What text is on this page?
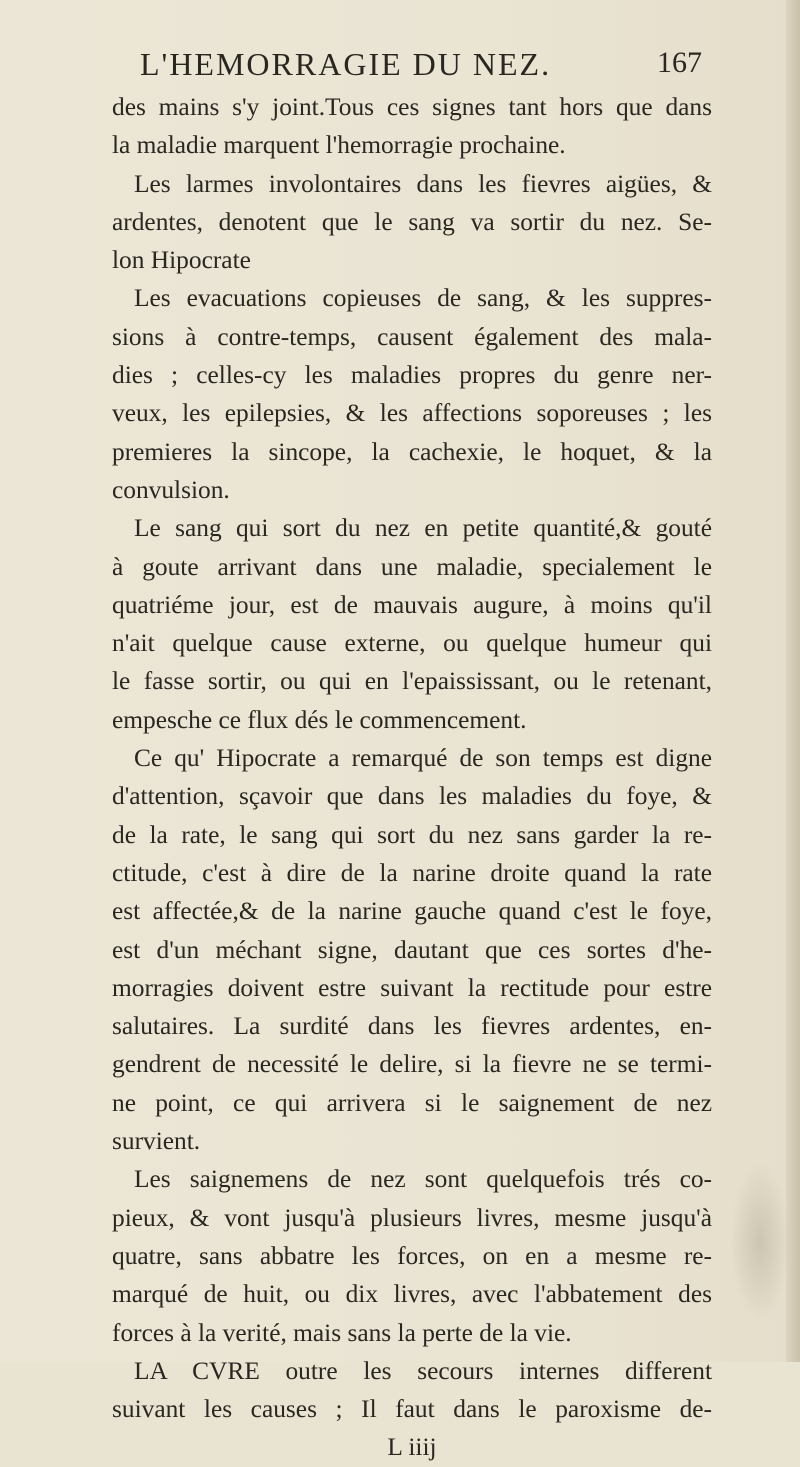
L'HEMORRAGIE DU NEZ.	167
des mains s'y joint.Tous ces signes tant hors que dans
la maladie marquent l'hemorragie prochaine.
Les larmes involontaires dans les fievres aigües, &
ardentes, denotent que le sang va sortir du nez. Se-
lon Hipocrate
Les evacuations copieuses de sang, & les suppres-
sions à contre-temps, causent également des mala-
dies ; celles-cy les maladies propres du genre ner-
veux, les epilepsies, & les affections soporeuses ; les
premieres la sincope, la cachexie, le hoquet, & la
convulsion.
Le sang qui sort du nez en petite quantité,& gouté
à goute arrivant dans une maladie, specialement le
quatriéme jour, est de mauvais augure, à moins qu'il
n'ait quelque cause externe, ou quelque humeur qui
le fasse sortir, ou qui en l'epaississant, ou le retenant,
empesche ce flux dés le commencement.
Ce qu' Hipocrate a remarqué de son temps est digne
d'attention, sçavoir que dans les maladies du foye, &
de la rate, le sang qui sort du nez sans garder la re-
ctitude, c'est à dire de la narine droite quand la rate
est affectée,& de la narine gauche quand c'est le foye,
est d'un méchant signe, dautant que ces sortes d'he-
morragies doivent estre suivant la rectitude pour estre
salutaires. La surdité dans les fievres ardentes, en-
gendrent de necessité le delire, si la fievre ne se termi-
ne point, ce qui arrivera si le saignement de nez
survient.
Les saignemens de nez sont quelquefois trés co-
pieux, & vont jusqu'à plusieurs livres, mesme jusqu'à
quatre, sans abbatre les forces, on en a mesme re-
marqué de huit, ou dix livres, avec l'abbatement des
forces à la verité, mais sans la perte de la vie.
LA CVRE outre les secours internes different
suivant les causes ; Il faut dans le paroxisme de-
L iiij
